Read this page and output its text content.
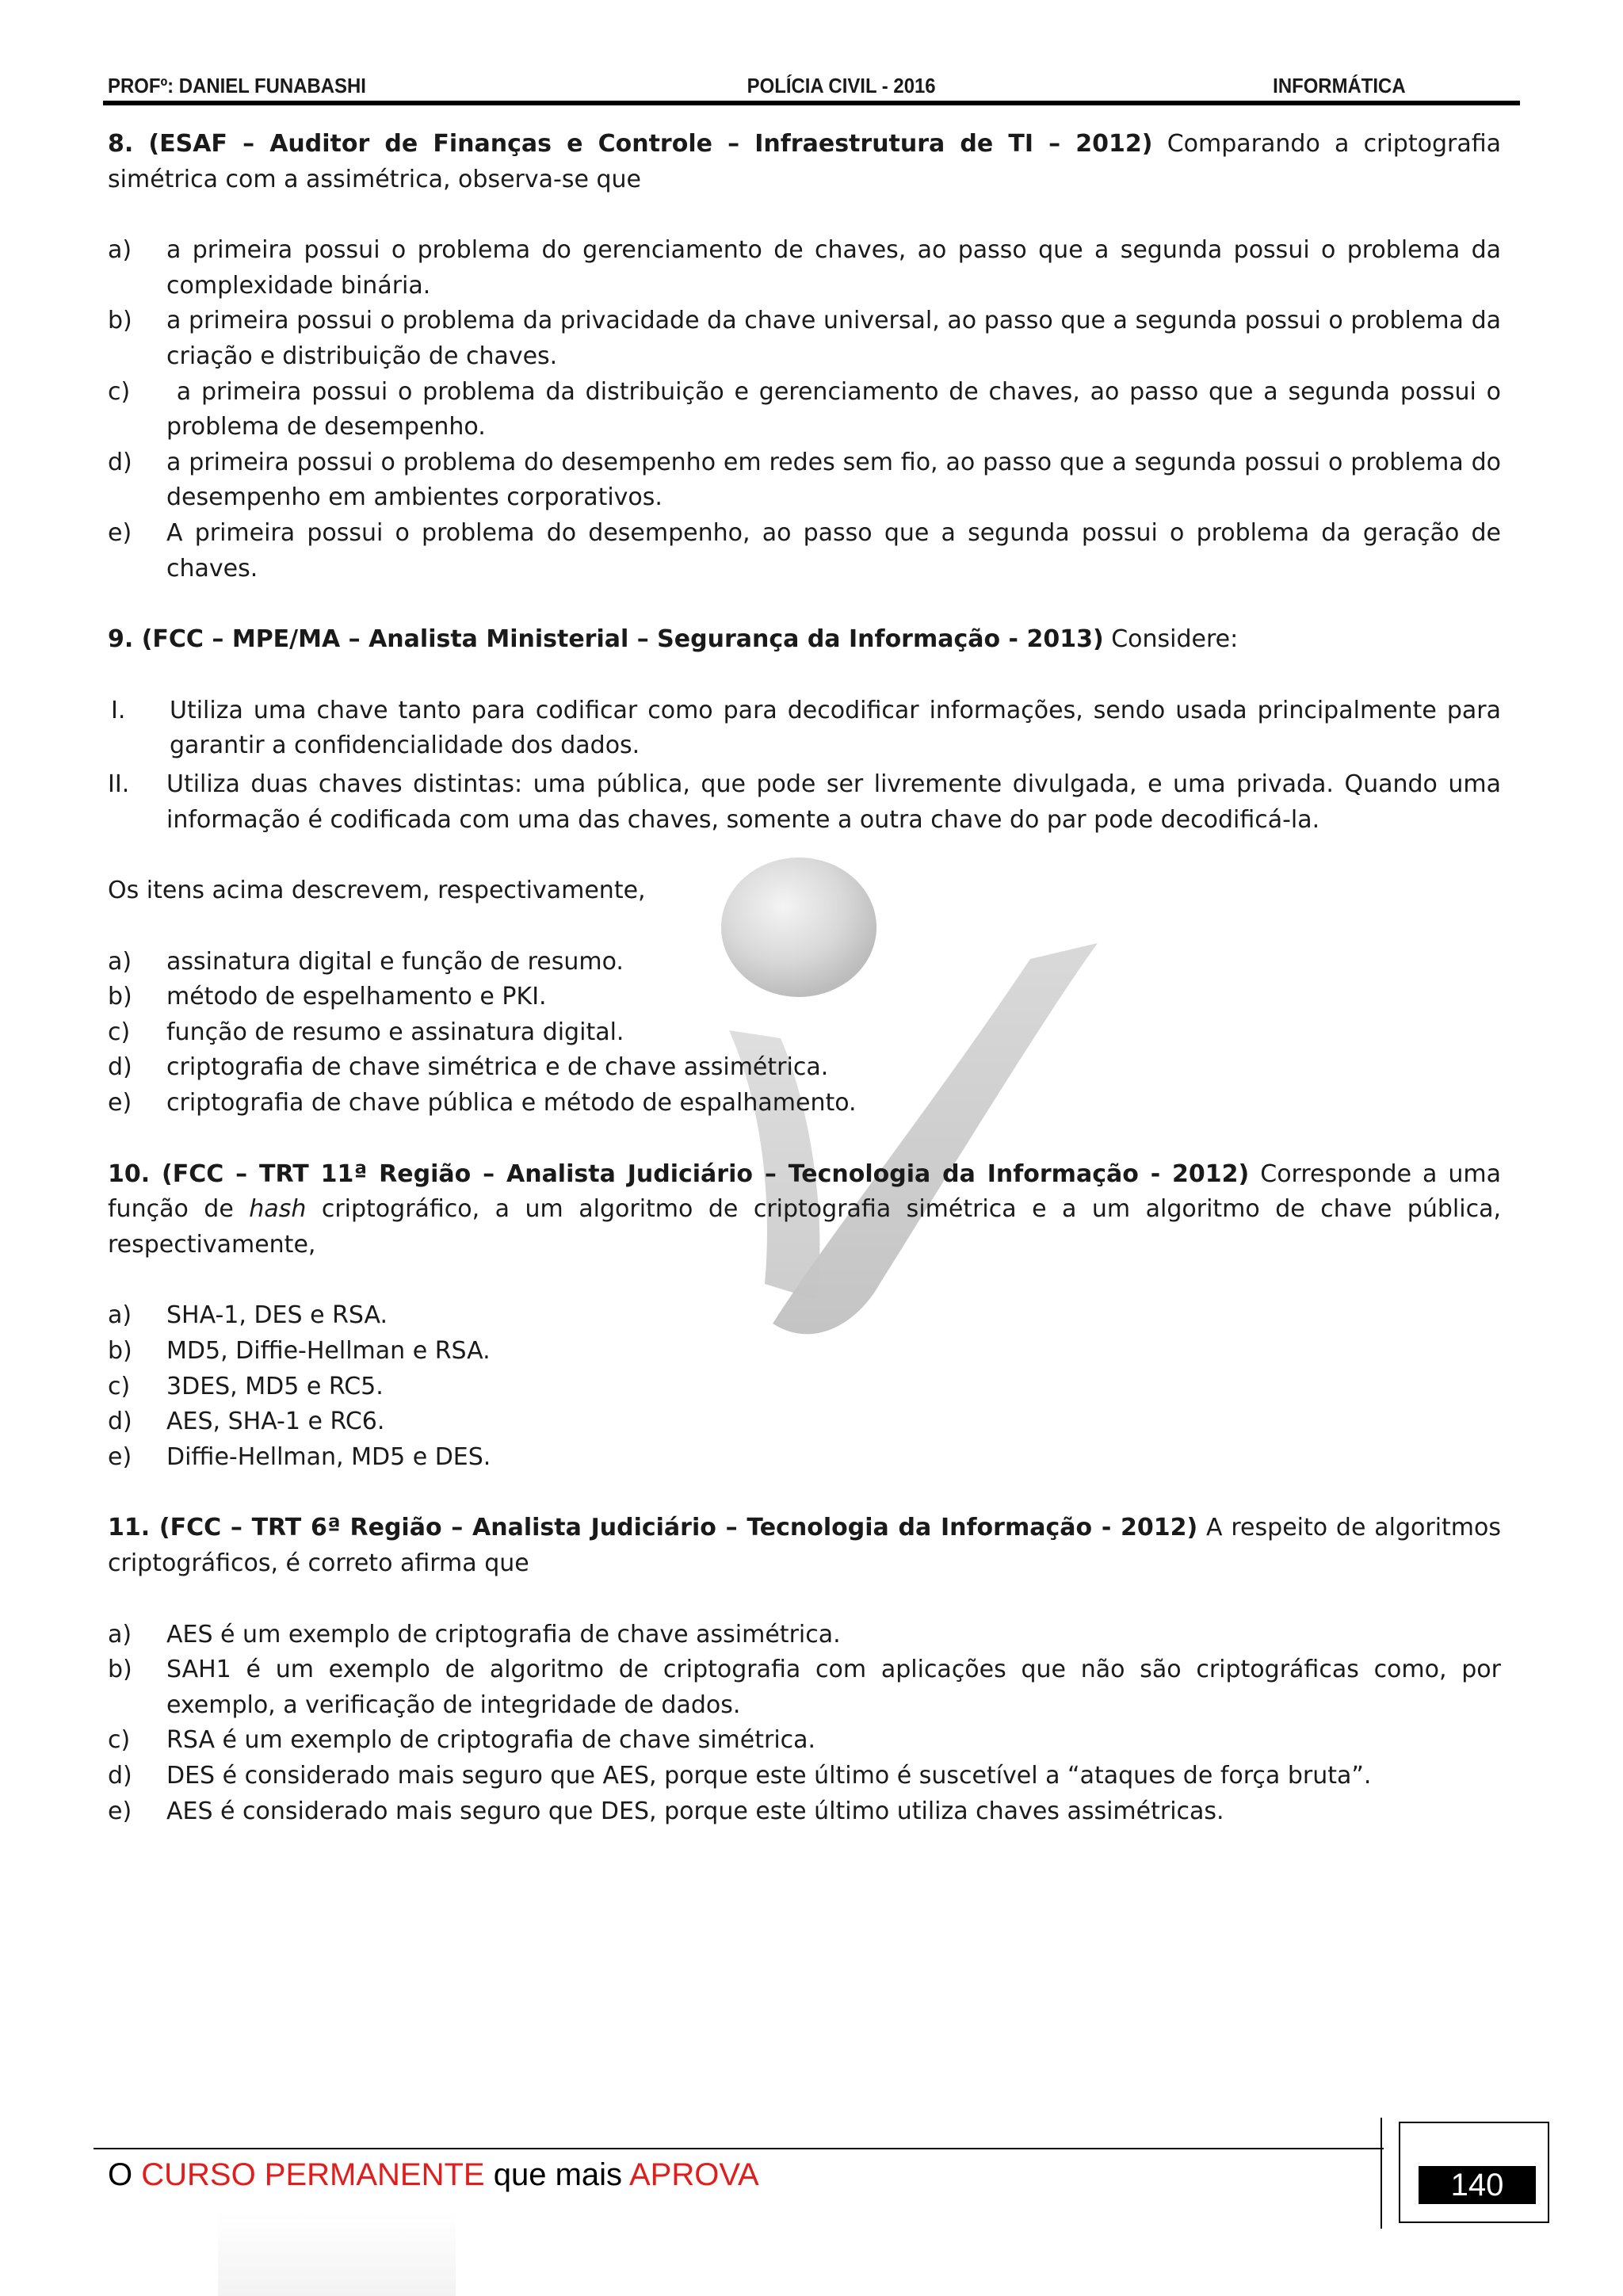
PROFº: DANIEL FUNABASHI	POLÍCIA CIVIL - 2016	INFORMÁTICA

8. (ESAF – Auditor de Finanças e Controle – Infraestrutura de TI – 2012) Comparando a criptografia simétrica com a assimétrica, observa-se que

a)	a primeira possui o problema do gerenciamento de chaves, ao passo que a segunda possui o problema da complexidade binária.
b)	a primeira possui o problema da privacidade da chave universal, ao passo que a segunda possui o problema da criação e distribuição de chaves.
c)	a primeira possui o problema da distribuição e gerenciamento de chaves, ao passo que a segunda possui o problema de desempenho.
d)	a primeira possui o problema do desempenho em redes sem fio, ao passo que a segunda possui o problema do desempenho em ambientes corporativos.
e)	A primeira possui o problema do desempenho, ao passo que a segunda possui o problema da geração de chaves.

9. (FCC – MPE/MA – Analista Ministerial – Segurança da Informação - 2013) Considere:

I.	Utiliza uma chave tanto para codificar como para decodificar informações, sendo usada principalmente para garantir a confidencialidade dos dados.
II.	Utiliza duas chaves distintas: uma pública, que pode ser livremente divulgada, e uma privada. Quando uma informação é codificada com uma das chaves, somente a outra chave do par pode decodificá-la.

Os itens acima descrevem, respectivamente,

a)	assinatura digital e função de resumo.
b)	método de espelhamento e PKI.
c)	função de resumo e assinatura digital.
d)	criptografia de chave simétrica e de chave assimétrica.
e)	criptografia de chave pública e método de espalhamento.

10. (FCC – TRT 11ª Região – Analista Judiciário – Tecnologia da Informação - 2012) Corresponde a uma função de hash criptográfico, a um algoritmo de criptografia simétrica e a um algoritmo de chave pública, respectivamente,

a)	SHA-1, DES e RSA.
b)	MD5, Diffie-Hellman e RSA.
c)	3DES, MD5 e RC5.
d)	AES, SHA-1 e RC6.
e)	Diffie-Hellman, MD5 e DES.

11. (FCC – TRT 6ª Região – Analista Judiciário – Tecnologia da Informação - 2012) A respeito de algoritmos criptográficos, é correto afirma que

a)	AES é um exemplo de criptografia de chave assimétrica.
b)	SAH1 é um exemplo de algoritmo de criptografia com aplicações que não são criptográficas como, por exemplo, a verificação de integridade de dados.
c)	RSA é um exemplo de criptografia de chave simétrica.
d)	DES é considerado mais seguro que AES, porque este último é suscetível a “ataques de força bruta”.
e)	AES é considerado mais seguro que DES, porque este último utiliza chaves assimétricas.
O CURSO PERMANENTE que mais APROVA	140
